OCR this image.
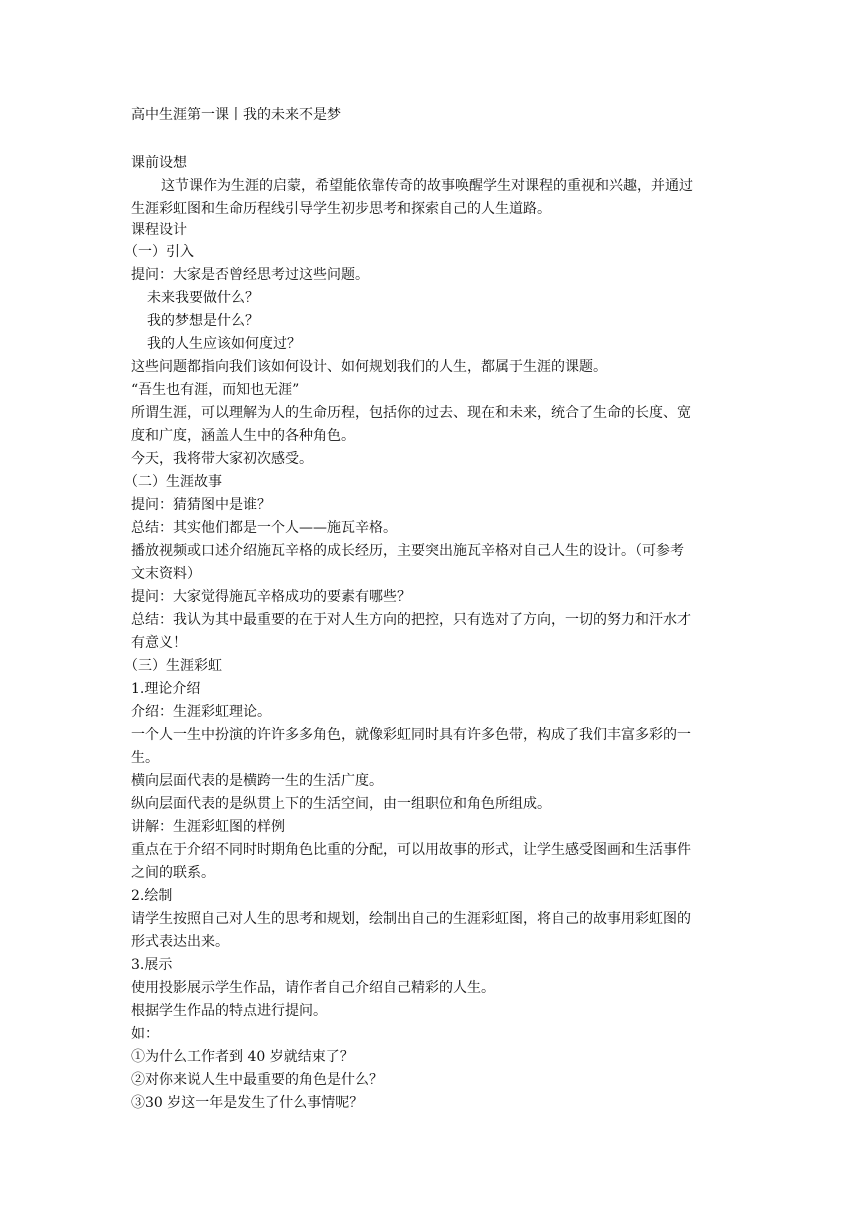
高中生涯第一课丨我的未来不是梦
课前设想
这节课作为生涯的启蒙，希望能依靠传奇的故事唤醒学生对课程的重视和兴趣，并通过
生涯彩虹图和生命历程线引导学生初步思考和探索自己的人生道路。
课程设计
（一）引入
提问：大家是否曾经思考过这些问题。
未来我要做什么？
我的梦想是什么？
我的人生应该如何度过？
这些问题都指向我们该如何设计、如何规划我们的人生，都属于生涯的课题。
“吾生也有涯，而知也无涯”
所谓生涯，可以理解为人的生命历程，包括你的过去、现在和未来，统合了生命的长度、宽
度和广度，涵盖人生中的各种角色。
今天，我将带大家初次感受。
（二）生涯故事
提问：猜猜图中是谁？
总结：其实他们都是一个人——施瓦辛格。
播放视频或口述介绍施瓦辛格的成长经历，主要突出施瓦辛格对自己人生的设计。（可参考
文末资料）
提问：大家觉得施瓦辛格成功的要素有哪些？
总结：我认为其中最重要的在于对人生方向的把控，只有选对了方向，一切的努力和汗水才
有意义！
（三）生涯彩虹
1.理论介绍
介绍：生涯彩虹理论。
一个人一生中扮演的许许多多角色，就像彩虹同时具有许多色带，构成了我们丰富多彩的一
生。
横向层面代表的是横跨一生的生活广度。
纵向层面代表的是纵贯上下的生活空间，由一组职位和角色所组成。
讲解：生涯彩虹图的样例
重点在于介绍不同时时期角色比重的分配，可以用故事的形式，让学生感受图画和生活事件
之间的联系。
2.绘制
请学生按照自己对人生的思考和规划，绘制出自己的生涯彩虹图，将自己的故事用彩虹图的
形式表达出来。
3.展示
使用投影展示学生作品，请作者自己介绍自己精彩的人生。
根据学生作品的特点进行提问。
如：
①为什么工作者到 40 岁就结束了？
②对你来说人生中最重要的角色是什么？
③30 岁这一年是发生了什么事情呢？
